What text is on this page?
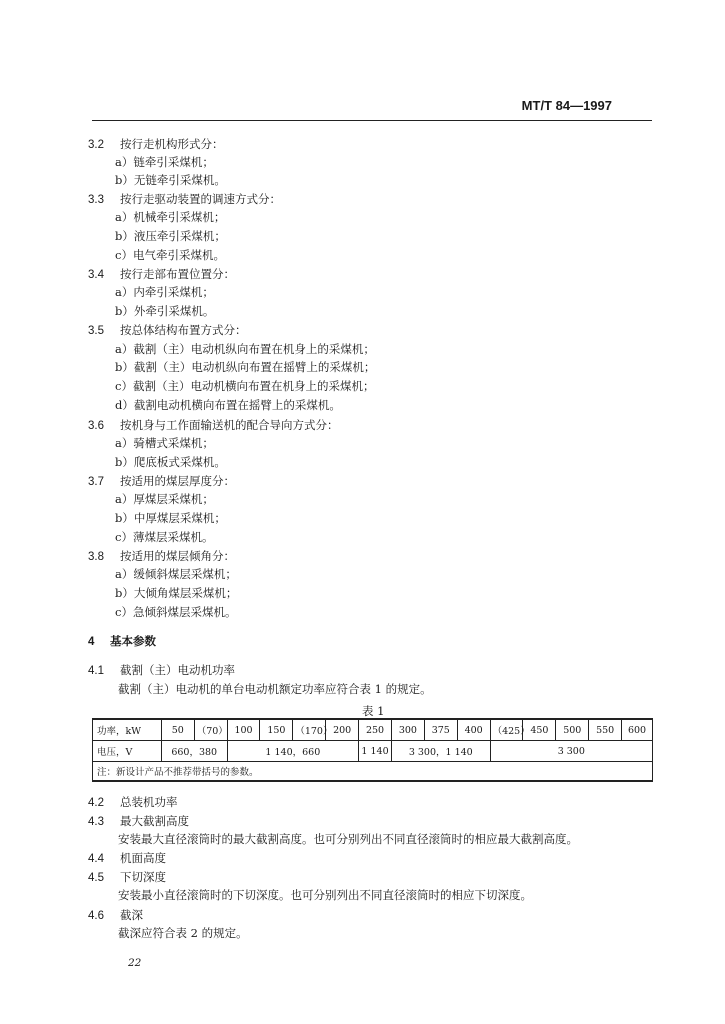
MT/T 84—1997
3.2 按行走机构形式分：
a）链牵引采煤机；
b）无链牵引采煤机。
3.3 按行走驱动装置的调速方式分：
a）机械牵引采煤机；
b）液压牵引采煤机；
c）电气牵引采煤机。
3.4 按行走部布置位置分：
a）内牵引采煤机；
b）外牵引采煤机。
3.5 按总体结构布置方式分：
a）截割（主）电动机纵向布置在机身上的采煤机；
b）截割（主）电动机纵向布置在摇臂上的采煤机；
c）截割（主）电动机横向布置在机身上的采煤机；
d）截割电动机横向布置在摇臂上的采煤机。
3.6 按机身与工作面输送机的配合导向方式分：
a）骑槽式采煤机；
b）爬底板式采煤机。
3.7 按适用的煤层厚度分：
a）厚煤层采煤机；
b）中厚煤层采煤机；
c）薄煤层采煤机。
3.8 按适用的煤层倾角分：
a）缓倾斜煤层采煤机；
b）大倾角煤层采煤机；
c）急倾斜煤层采煤机。
4 基本参数
4.1 截割（主）电动机功率
截割（主）电动机的单台电动机额定功率应符合表 1 的规定。
表 1
功率，kW	50	（70）	100	150	（170）	200	250	300	375	400	（425）	450	500	550	600
电压，V	660，380		1 140，660				1 140	3 300，1 140			3 300				
注：新设计产品不推荐带括号的参数。															
4.2 总装机功率
4.3 最大截割高度
安装最大直径滚筒时的最大截割高度。也可分别列出不同直径滚筒时的相应最大截割高度。
4.4 机面高度
4.5 下切深度
安装最小直径滚筒时的下切深度。也可分别列出不同直径滚筒时的相应下切深度。
4.6 截深
截深应符合表 2 的规定。
22
